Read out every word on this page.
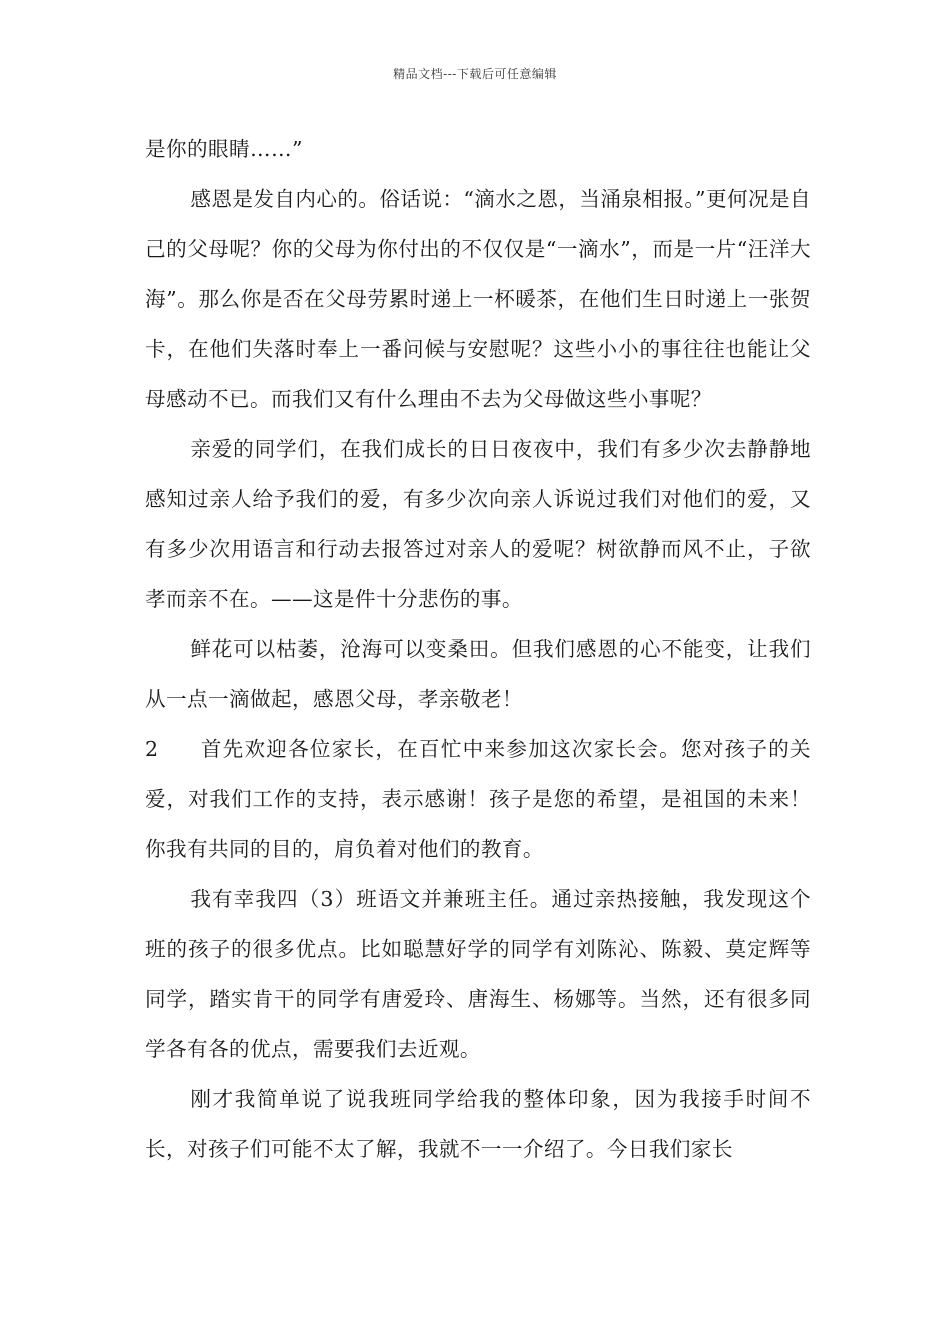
精品文档---下载后可任意编辑

是你的眼睛……”

感恩是发自内心的。俗话说：“滴水之恩，当涌泉相报。”更何况是自己的父母呢？你的父母为你付出的不仅仅是“一滴水”，而是一片“汪洋大海”。那么你是否在父母劳累时递上一杯暖茶，在他们生日时递上一张贺卡，在他们失落时奉上一番问候与安慰呢？这些小小的事往往也能让父母感动不已。而我们又有什么理由不去为父母做这些小事呢？

亲爱的同学们，在我们成长的日日夜夜中，我们有多少次去静静地感知过亲人给予我们的爱，有多少次向亲人诉说过我们对他们的爱，又有多少次用语言和行动去报答过对亲人的爱呢？树欲静而风不止，子欲孝而亲不在。——这是件十分悲伤的事。

鲜花可以枯萎，沧海可以变桑田。但我们感恩的心不能变，让我们从一点一滴做起，感恩父母，孝亲敬老！

2 首先欢迎各位家长，在百忙中来参加这次家长会。您对孩子的关爱，对我们工作的支持，表示感谢！孩子是您的希望，是祖国的未来！你我有共同的目的，肩负着对他们的教育。

我有幸我四（3）班语文并兼班主任。通过亲热接触，我发现这个班的孩子的很多优点。比如聪慧好学的同学有刘陈沁、陈毅、莫定辉等同学，踏实肯干的同学有唐爱玲、唐海生、杨娜等。当然，还有很多同学各有各的优点，需要我们去近观。

刚才我简单说了说我班同学给我的整体印象，因为我接手时间不长，对孩子们可能不太了解，我就不一一介绍了。今日我们家长
